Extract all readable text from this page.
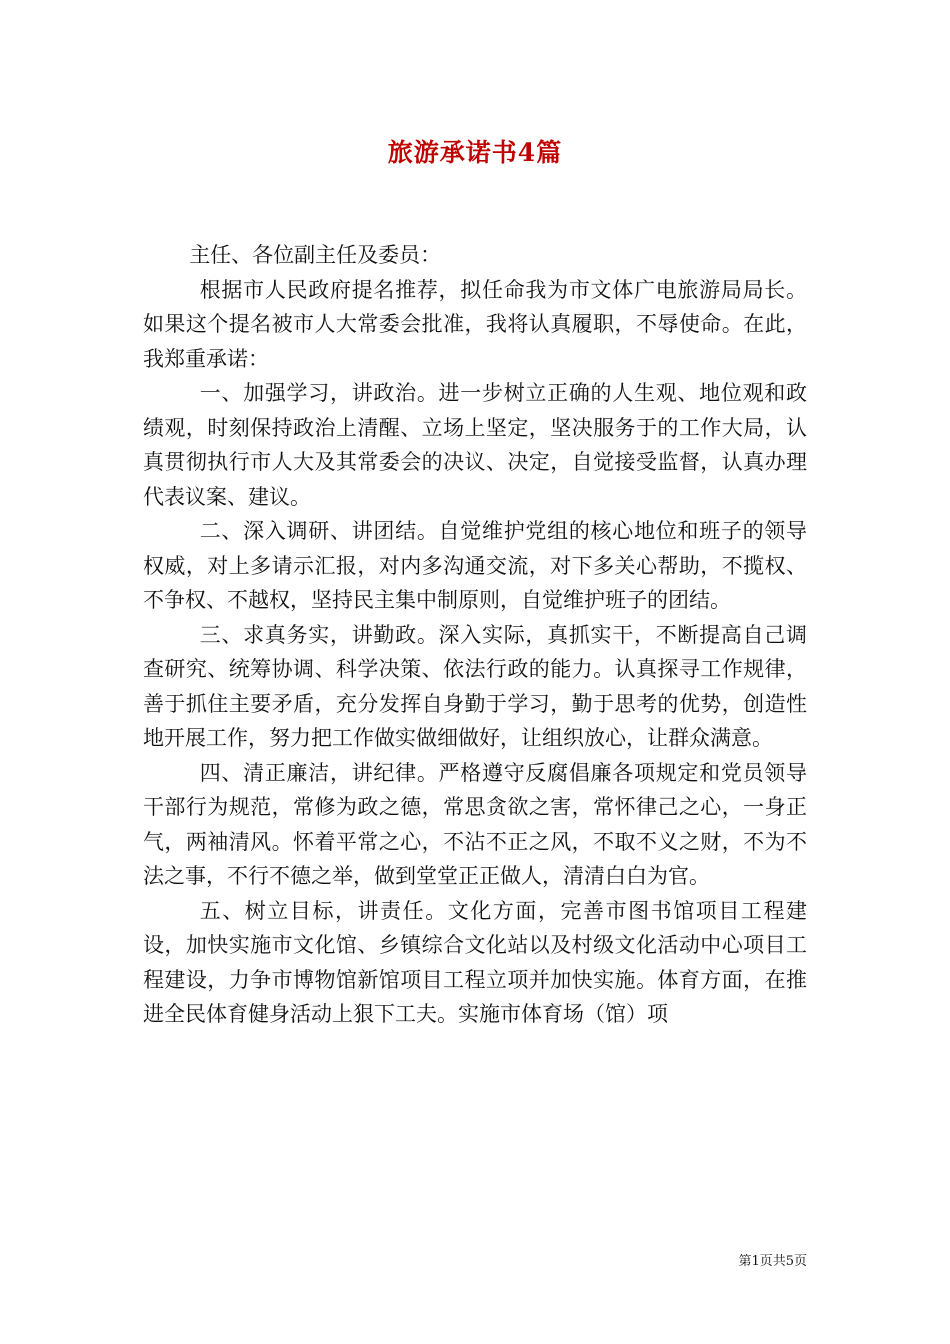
旅游承诺书4篇

主任、各位副主任及委员：

根据市人民政府提名推荐，拟任命我为市文体广电旅游局局长。如果这个提名被市人大常委会批准，我将认真履职，不辱使命。在此，我郑重承诺：

一、加强学习，讲政治。进一步树立正确的人生观、地位观和政绩观，时刻保持政治上清醒、立场上坚定，坚决服务于的工作大局，认真贯彻执行市人大及其常委会的决议、决定，自觉接受监督，认真办理代表议案、建议。

二、深入调研、讲团结。自觉维护党组的核心地位和班子的领导权威，对上多请示汇报，对内多沟通交流，对下多关心帮助，不揽权、不争权、不越权，坚持民主集中制原则，自觉维护班子的团结。

三、求真务实，讲勤政。深入实际，真抓实干，不断提高自己调查研究、统筹协调、科学决策、依法行政的能力。认真探寻工作规律，善于抓住主要矛盾，充分发挥自身勤于学习，勤于思考的优势，创造性地开展工作，努力把工作做实做细做好，让组织放心，让群众满意。

四、清正廉洁，讲纪律。严格遵守反腐倡廉各项规定和党员领导干部行为规范，常修为政之德，常思贪欲之害，常怀律己之心，一身正气，两袖清风。怀着平常之心，不沾不正之风，不取不义之财，不为不法之事，不行不德之举，做到堂堂正正做人，清清白白为官。

五、树立目标，讲责任。文化方面，完善市图书馆项目工程建设，加快实施市文化馆、乡镇综合文化站以及村级文化活动中心项目工程建设，力争市博物馆新馆项目工程立项并加快实施。体育方面，在推进全民体育健身活动上狠下工夫。实施市体育场（馆）项

第1页共5页
